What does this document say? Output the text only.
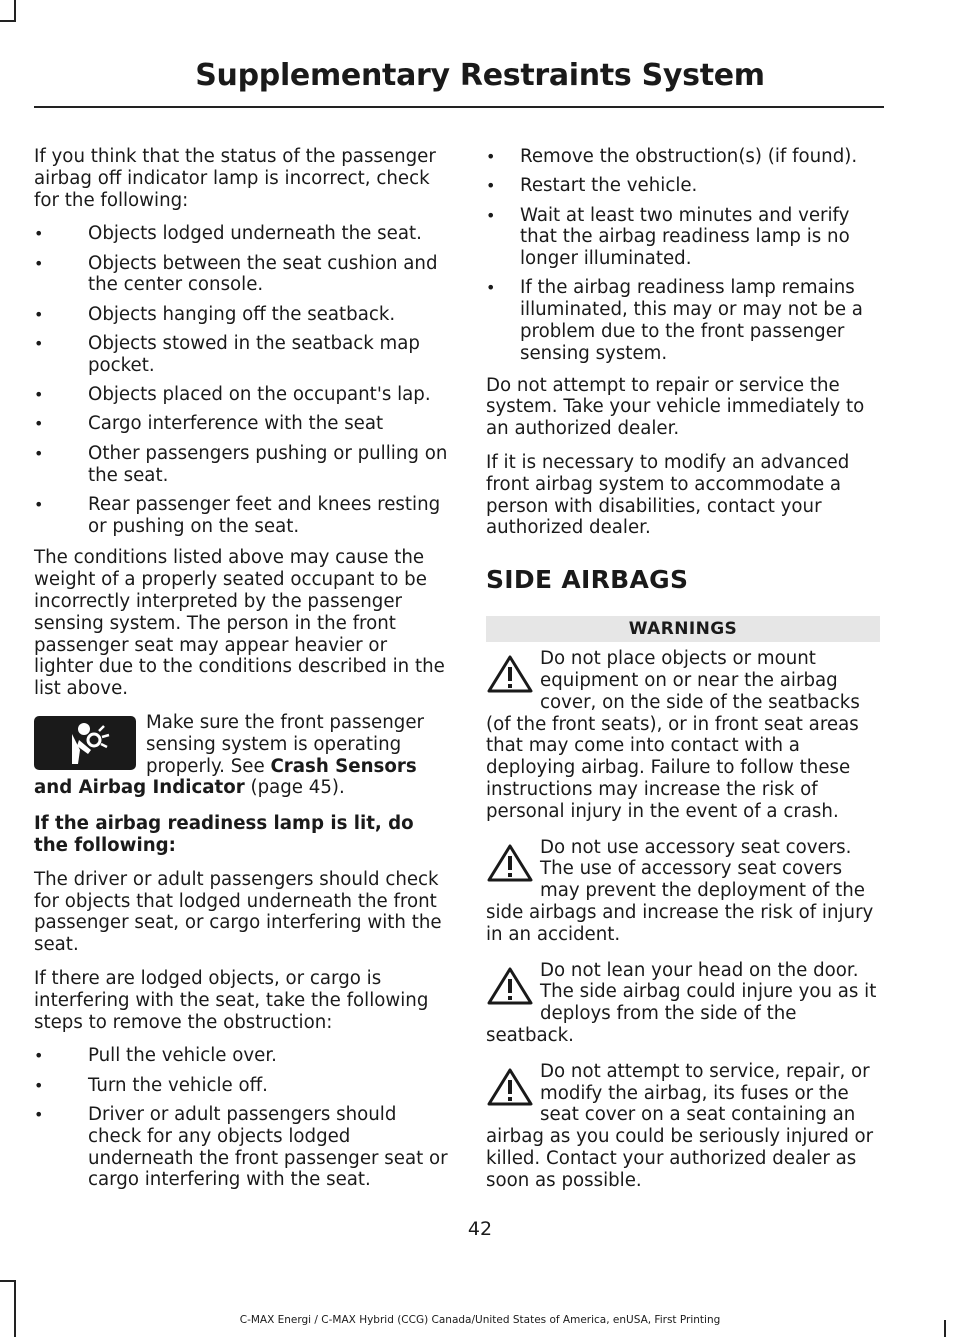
Supplementary Restraints System

If you think that the status of the passenger airbag off indicator lamp is incorrect, check for the following:

• Objects lodged underneath the seat.
• Objects between the seat cushion and the center console.
• Objects hanging off the seatback.
• Objects stowed in the seatback map pocket.
• Objects placed on the occupant's lap.
• Cargo interference with the seat
• Other passengers pushing or pulling on the seat.
• Rear passenger feet and knees resting or pushing on the seat.

The conditions listed above may cause the weight of a properly seated occupant to be incorrectly interpreted by the passenger sensing system. The person in the front passenger seat may appear heavier or lighter due to the conditions described in the list above.

Make sure the front passenger sensing system is operating properly. See Crash Sensors and Airbag Indicator (page 45).

If the airbag readiness lamp is lit, do the following:

The driver or adult passengers should check for objects that lodged underneath the front passenger seat, or cargo interfering with the seat.

If there are lodged objects, or cargo is interfering with the seat, take the following steps to remove the obstruction:

• Pull the vehicle over.
• Turn the vehicle off.
• Driver or adult passengers should check for any objects lodged underneath the front passenger seat or cargo interfering with the seat.
• Remove the obstruction(s) (if found).
• Restart the vehicle.
• Wait at least two minutes and verify that the airbag readiness lamp is no longer illuminated.
• If the airbag readiness lamp remains illuminated, this may or may not be a problem due to the front passenger sensing system.

Do not attempt to repair or service the system. Take your vehicle immediately to an authorized dealer.

If it is necessary to modify an advanced front airbag system to accommodate a person with disabilities, contact your authorized dealer.

SIDE AIRBAGS
WARNINGS
Do not place objects or mount equipment on or near the airbag cover, on the side of the seatbacks (of the front seats), or in front seat areas that may come into contact with a deploying airbag. Failure to follow these instructions may increase the risk of personal injury in the event of a crash.
Do not use accessory seat covers. The use of accessory seat covers may prevent the deployment of the side airbags and increase the risk of injury in an accident.
Do not lean your head on the door. The side airbag could injure you as it deploys from the side of the seatback.
Do not attempt to service, repair, or modify the airbag, its fuses or the seat cover on a seat containing an airbag as you could be seriously injured or killed. Contact your authorized dealer as soon as possible.
42
C-MAX Energi / C-MAX Hybrid (CCG) Canada/United States of America, enUSA, First Printing
